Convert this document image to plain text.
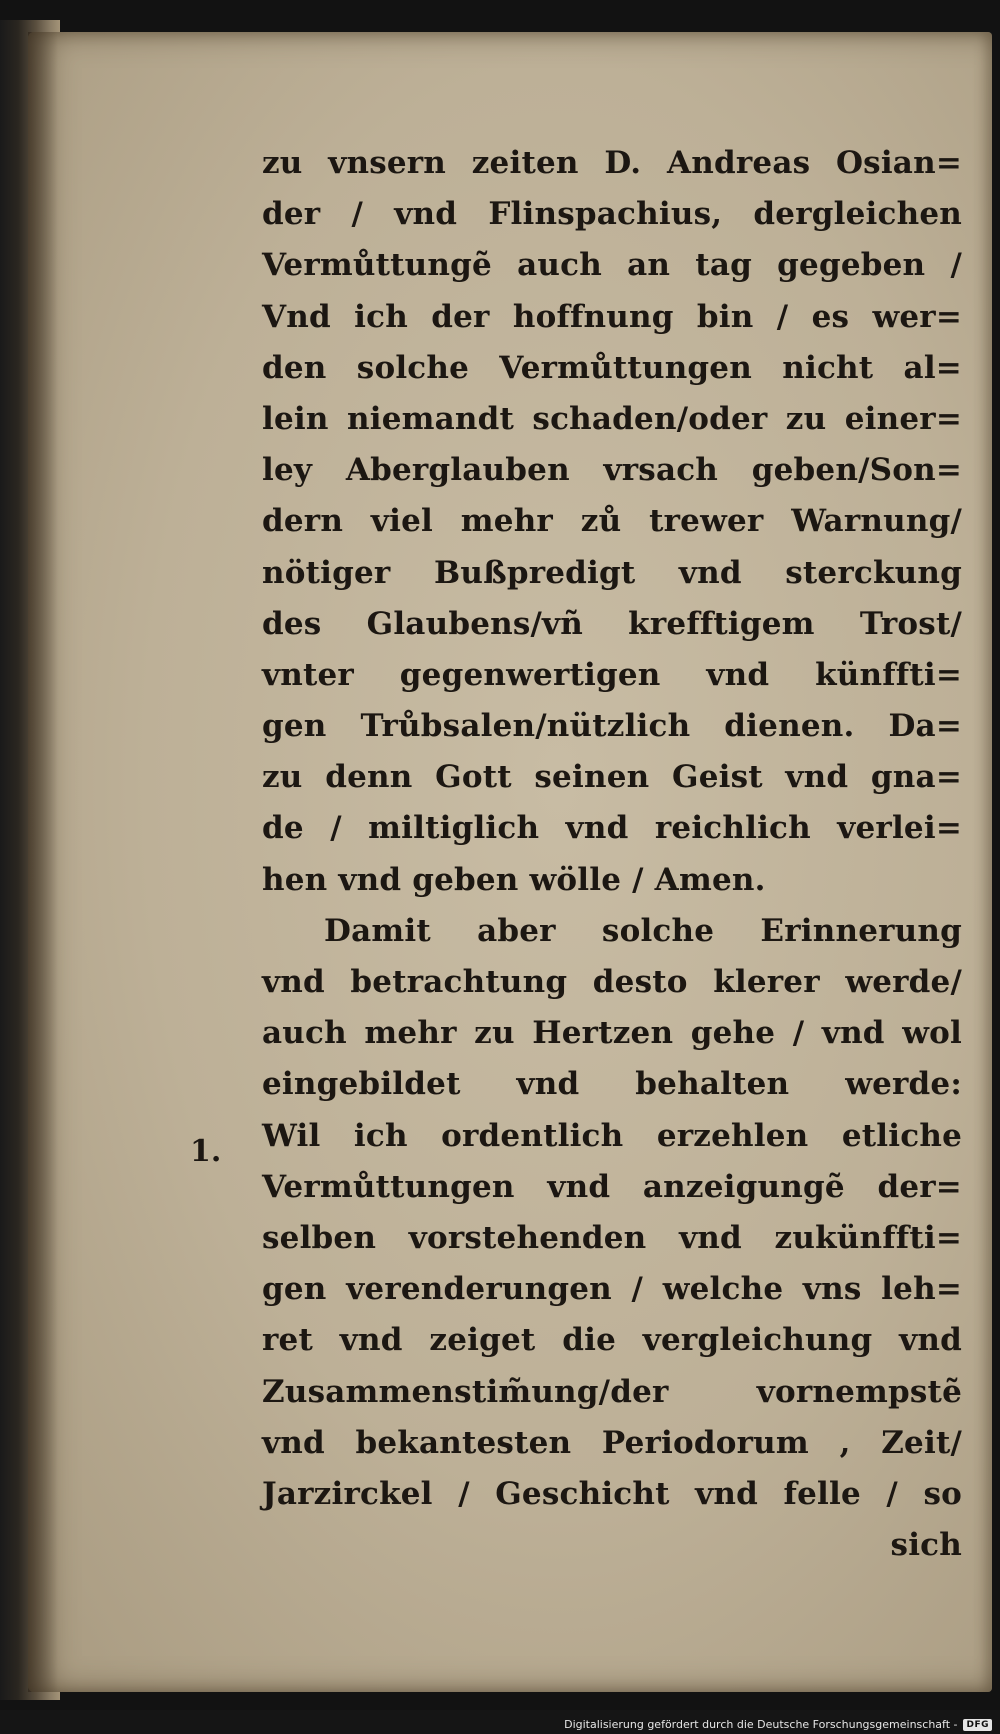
zu vnsern zeiten D. Andreas Osian=
der / vnd Flinspachius, dergleichen
Vermůttungẽ auch an tag gegeben /
Vnd ich der hoffnung bin / es wer=
den solche Vermůttungen nicht al=
lein niemandt schaden/oder zu einer=
ley Aberglauben vrsach geben/Son=
dern viel mehr zů trewer Warnung/
nötiger Bußpredigt vnd sterckung
des Glaubens/vñ krefftigem Trost/
vnter gegenwertigen vnd künffti=
gen Trůbsalen/nützlich dienen. Da=
zu denn Gott seinen Geist vnd gna=
de / miltiglich vnd reichlich verlei=
hen vnd geben wölle / Amen.
Damit aber solche Erinnerung
vnd betrachtung desto klerer werde/
auch mehr zu Hertzen gehe / vnd wol
eingebildet vnd behalten werde:
Wil ich ordentlich erzehlen etliche
Vermůttungen vnd anzeigungẽ der=
selben vorstehenden vnd zukünffti=
gen verenderungen / welche vns leh=
ret vnd zeiget die vergleichung vnd
Zusammenstim̃ung/der vornempstẽ
vnd bekantesten Periodorum , Zeit/
Jarzirckel / Geschicht vnd felle / so
sich
1.
Digitalisierung gefördert durch die Deutsche Forschungsgemeinschaft -	DFG
